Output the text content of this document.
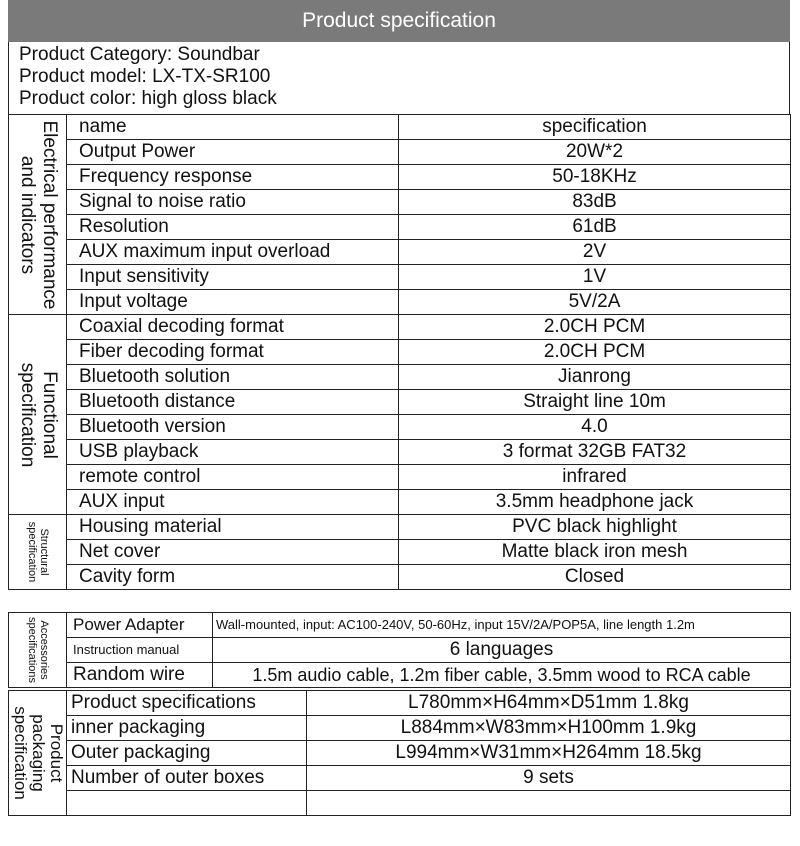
Product specification
Product Category: Soundbar
Product model: LX-TX-SR100
Product color: high gloss black
Electrical performance
and indicators	name	specification
	Output Power	20W*2
	Frequency response	50-18KHz
	Signal to noise ratio	83dB
	Resolution	61dB
	AUX maximum input overload	2V
	Input sensitivity	1V
	Input voltage	5V/2A

Functional
specification	Coaxial decoding format	2.0CH PCM
	Fiber decoding format	2.0CH PCM
	Bluetooth solution	Jianrong
	Bluetooth distance	Straight line 10m
	Bluetooth version	4.0
	USB playback	3 format 32GB FAT32
	remote control	infrared
	AUX input	3.5mm headphone jack

Structural
specification	Housing material	PVC black highlight
	Net cover	Matte black iron mesh
	Cavity form	Closed
Accessories
specifications	Power Adapter	Wall-mounted, input: AC100-240V, 50-60Hz, input 15V/2A/POP5A, line length 1.2m
	Instruction manual	6 languages
	Random wire	1.5m audio cable, 1.2m fiber cable, 3.5mm wood to RCA cable
Product
packaging
specification	Product specifications	L780mm×H64mm×D51mm 1.8kg
	inner packaging	L884mm×W83mm×H100mm 1.9kg
	Outer packaging	L994mm×W31mm×H264mm 18.5kg
	Number of outer boxes	9 sets
